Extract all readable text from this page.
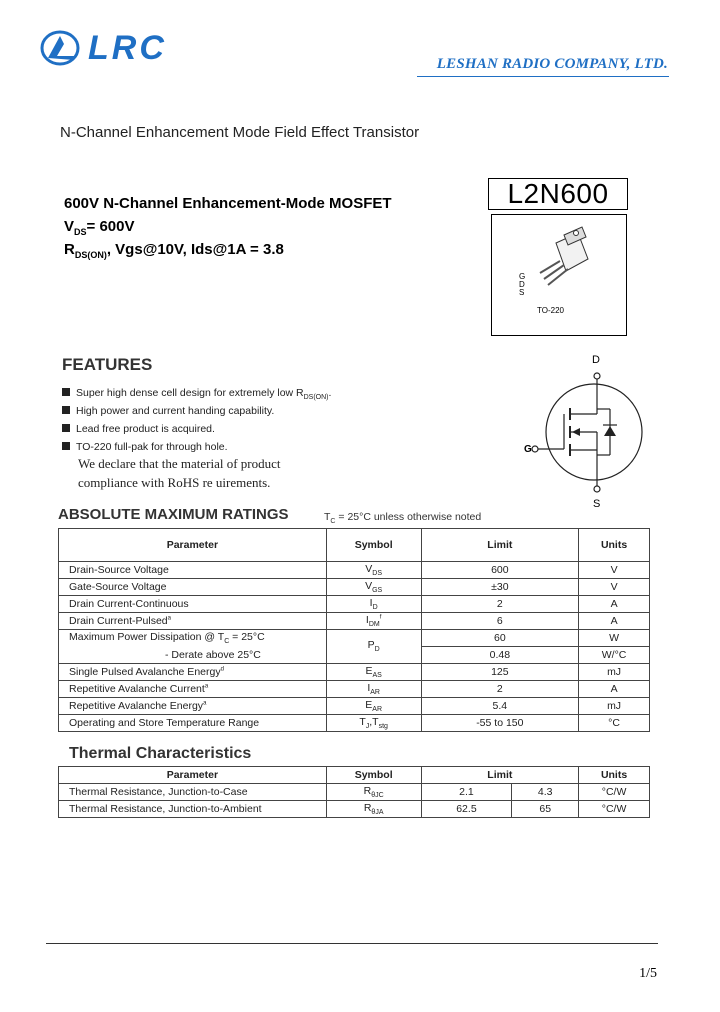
LRC	LESHAN RADIO COMPANY, LTD.
N-Channel Enhancement Mode Field Effect Transistor
600V N-Channel Enhancement-Mode MOSFET
$V_{DS}= 600V$
$R_{DS(ON)}$, Vgs@10V, Ids@1A = 3.8
L2N600
G
D
S
TO-220
D
S
G
FEATURES
Super high dense cell design for extremely low $R_{DS(ON)}$.
High power and current handing capability.
Lead free product is acquired.
TO-220 full-pak for through hole.
We declare that the material of product
compliance with RoHS re uirements.
ABSOLUTE MAXIMUM RATINGS	$T_C = 25^\circ C$ unless otherwise noted
Parameter	Symbol	Limit	Units
Drain-Source Voltage	$V_{DS}$	600	V
Gate-Source Voltage	$V_{GS}$	±30	V
Drain Current-Continuous	$I_D$	2	A
Drain Current-Pulsed$^a$	$I_{DM}^f$	6	A
Maximum Power Dissipation @ $T_C = 25^\circ C$	$P_D$	60	W
- Derate above 25°C		0.48	W/°C
Single Pulsed Avalanche Energy$^d$	$E_{AS}$	125	mJ
Repetitive Avalanche Current$^a$	$I_{AR}$	2	A
Repetitive Avalanche Energy$^a$	$E_{AR}$	5.4	mJ
Operating and Store Temperature Range	$T_J,T_{stg}$	-55 to 150	°C
Thermal Characteristics
Parameter	Symbol	Limit		Units
Thermal Resistance, Junction-to-Case	$R_{\theta JC}$	2.1	4.3	°C/W
Thermal Resistance, Junction-to-Ambient	$R_{\theta JA}$	62.5	65	°C/W
1/5
